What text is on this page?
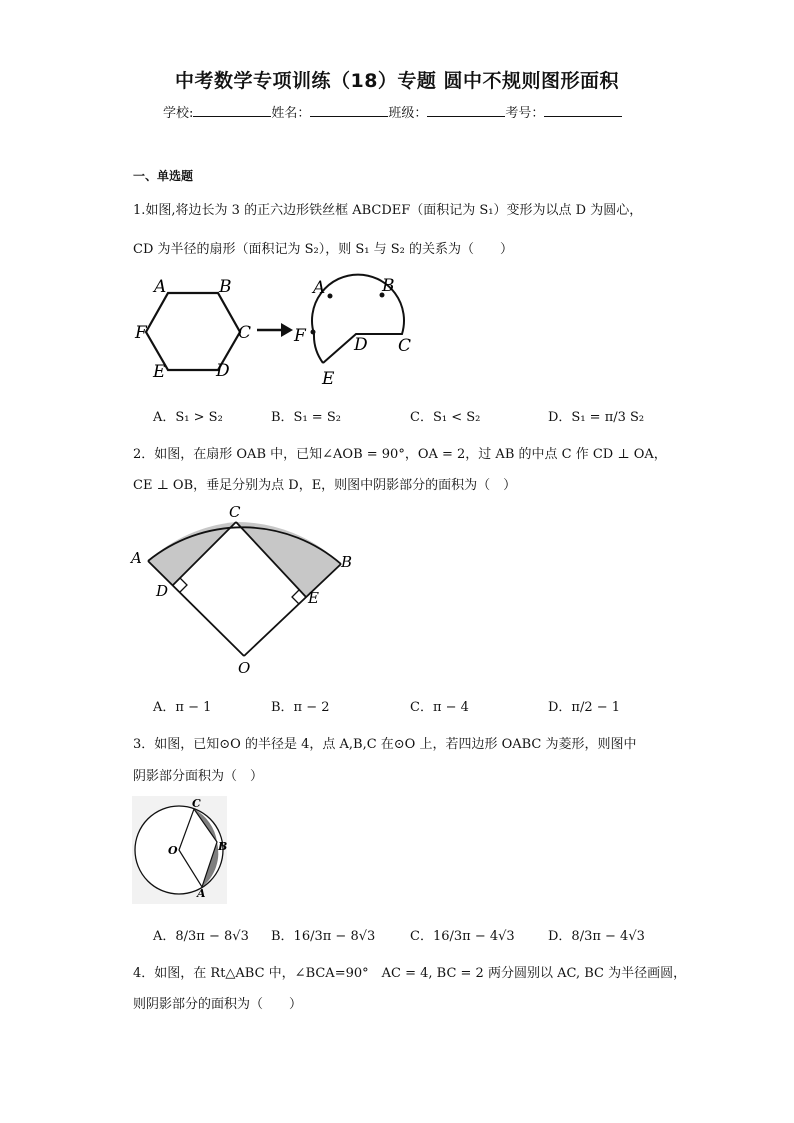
中考数学专项训练（18）专题 圆中不规则图形面积
学校:	姓名：	班级：	考号：
一、单选题
1.如图,将边长为 3 的正六边形铁丝框 ABCDEF（面积记为 S₁）变形为以点 D 为圆心，
CD 为半径的扇形（面积记为 S₂），则 S₁ 与 S₂ 的关系为（　　）
A	B
C
D
E
F
A	B
F	D C
E
A．S₁ > S₂	B．S₁ = S₂	C．S₁ < S₂	D．S₁ = π/3 S₂
2．如图，在扇形 OAB 中，已知∠AOB = 90°，OA = 2，过 AB 的中点 C 作 CD ⊥ OA，
CE ⊥ OB，垂足分别为点 D，E，则图中阴影部分的面积为（　）
A	B
C
D	E
O
A．π − 1	B．π − 2	C．π − 4	D．π/2 − 1
3．如图，已知⊙O 的半径是 4，点 A,B,C 在⊙O 上，若四边形 OABC 为菱形，则图中
阴影部分面积为（　）
C
O	B
A
A．8/3π − 8√3 B．16/3π − 8√3	C．16/3π − 4√3	D．8/3π − 4√3
4．如图，在 Rt△ABC 中，∠BCA=90°　AC = 4, BC = 2 两分圆别以 AC, BC 为半径画圆，
则阴影部分的面积为（　　）
